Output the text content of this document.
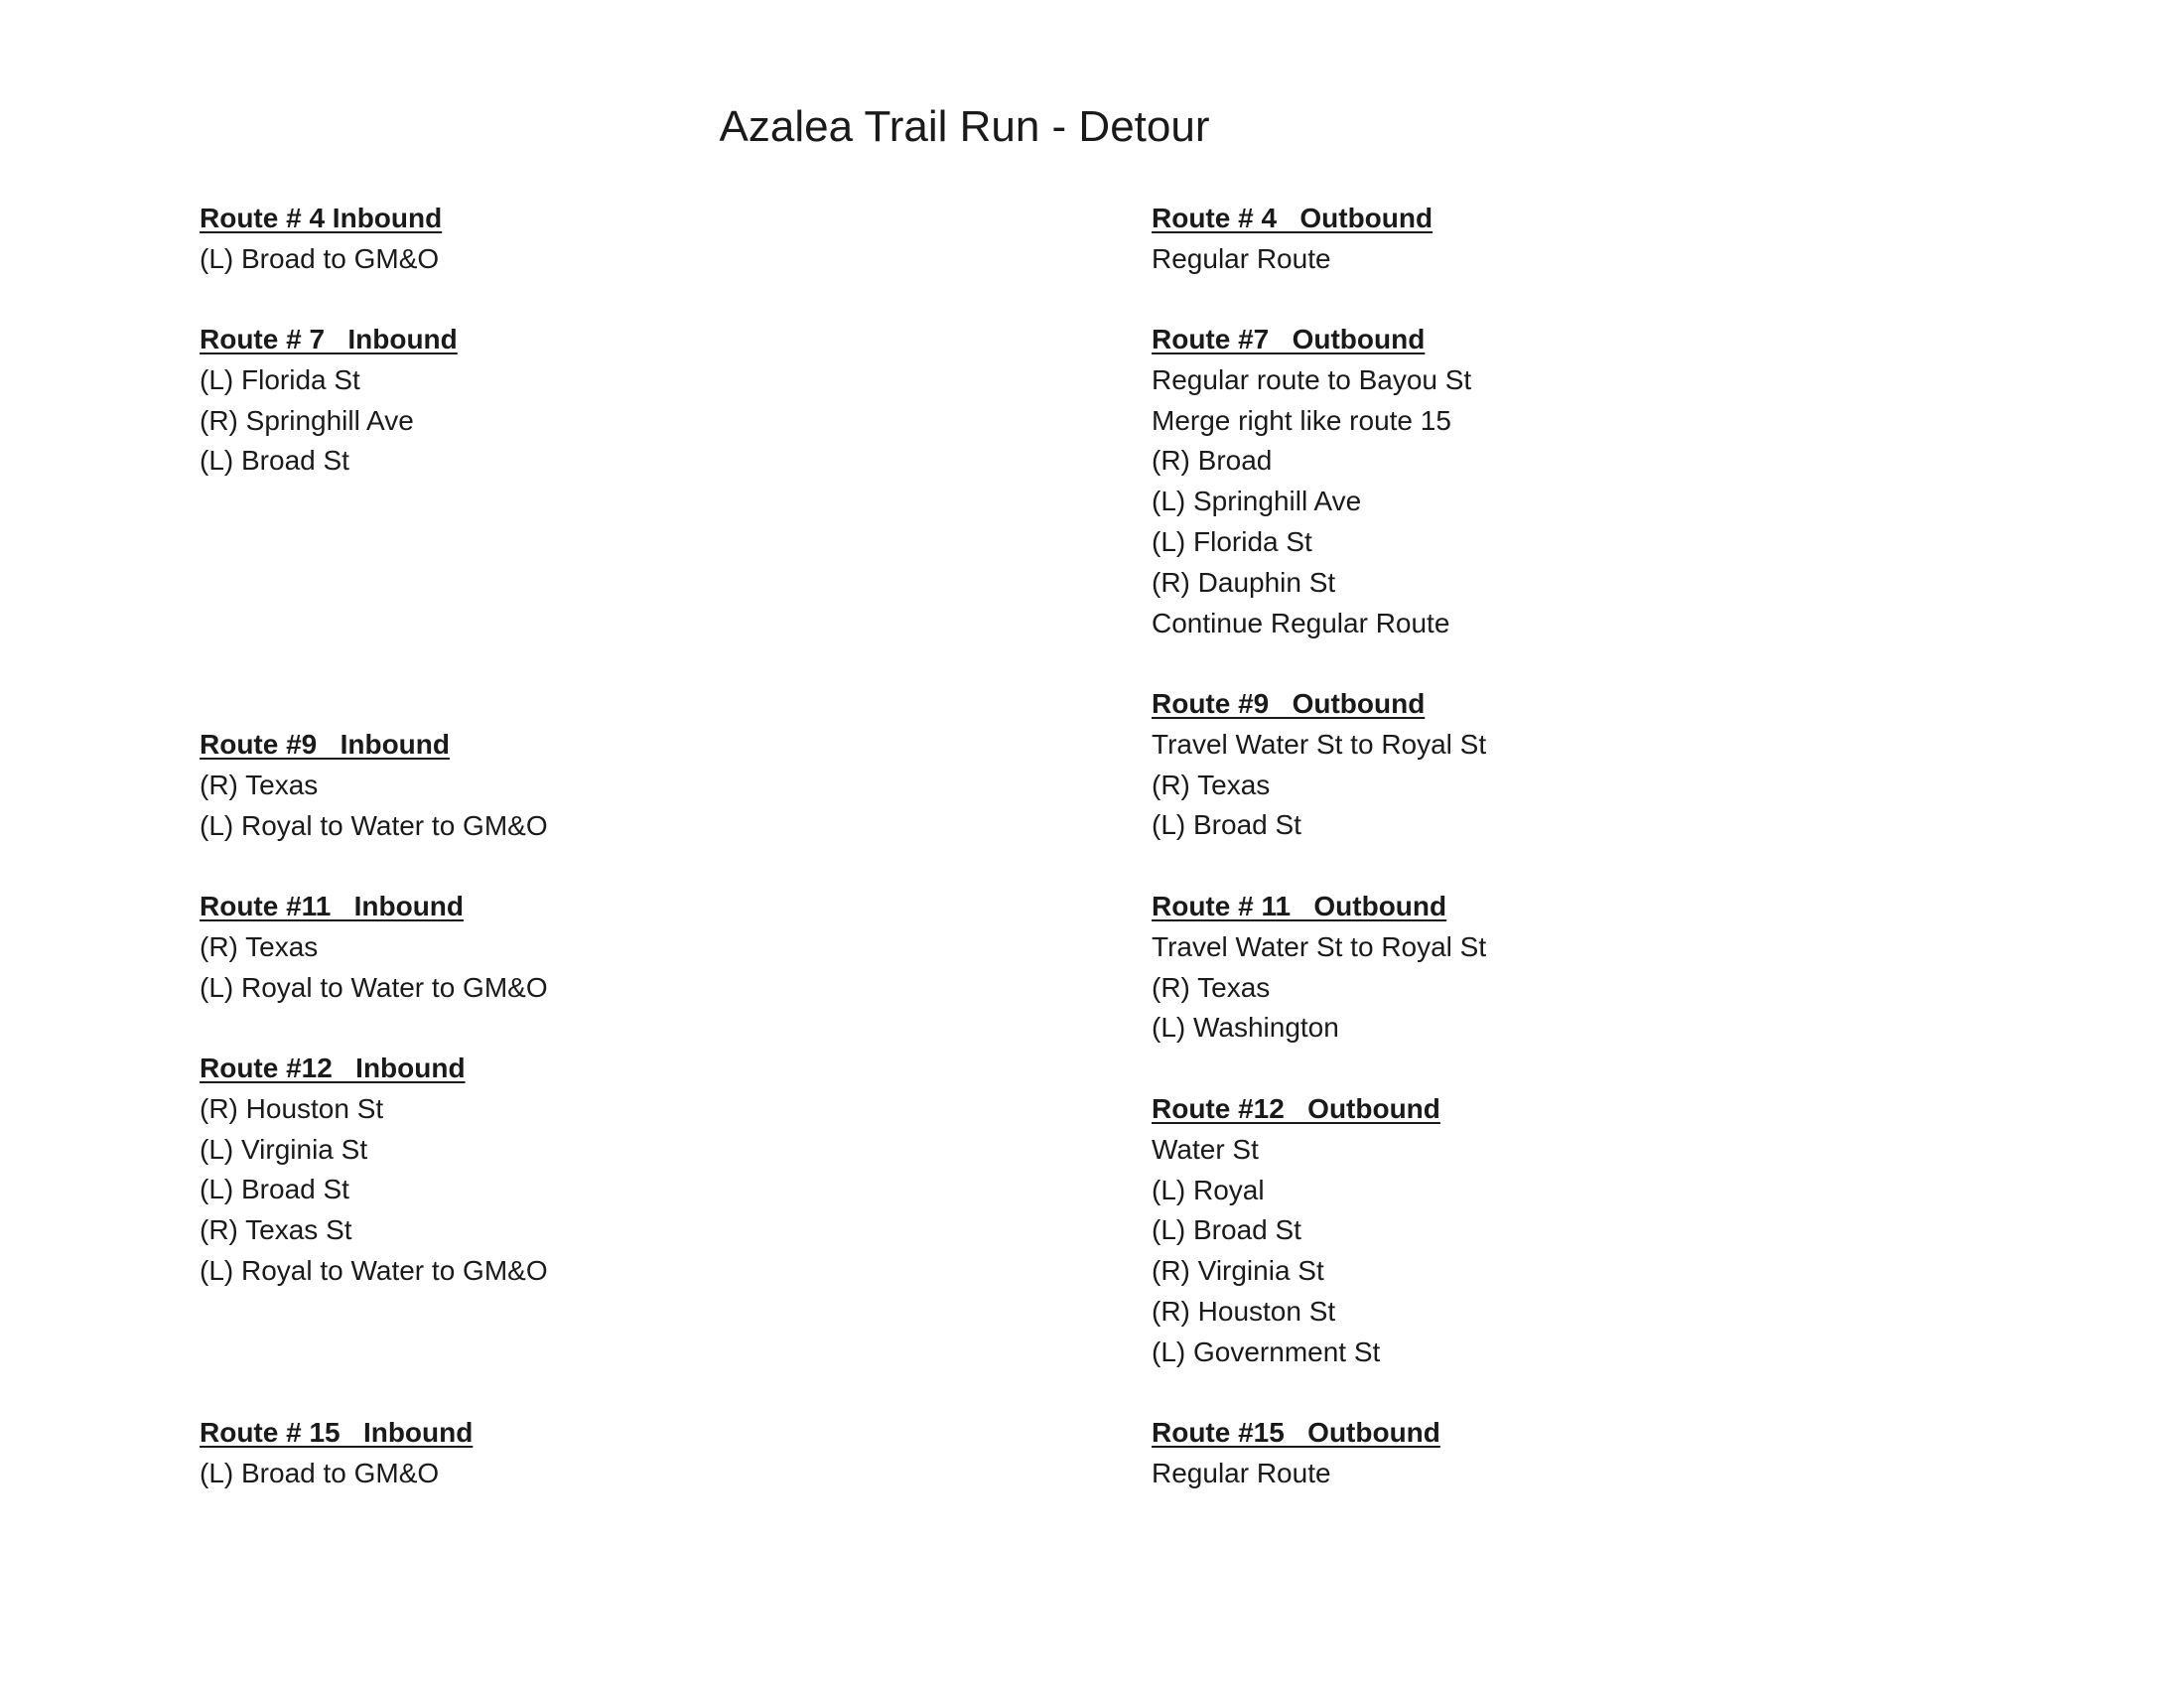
Azalea Trail Run - Detour
Route # 4 Inbound
(L) Broad to GM&O
Route # 7   Inbound
(L) Florida St
(R) Springhill Ave
(L) Broad St
Route #9   Inbound
(R) Texas
(L) Royal to Water to GM&O
Route #11   Inbound
(R) Texas
(L) Royal to Water to GM&O
Route #12   Inbound
(R) Houston St
(L) Virginia St
(L) Broad St
(R) Texas St
(L) Royal to Water to GM&O
Route # 15   Inbound
(L) Broad to GM&O
Route # 4   Outbound
Regular Route
Route #7   Outbound
Regular route to Bayou St
Merge right like route 15
(R) Broad
(L) Springhill Ave
(L) Florida St
(R) Dauphin St
Continue Regular Route
Route #9   Outbound
Travel Water St to Royal St
(R) Texas
(L) Broad St
Route # 11   Outbound
Travel Water St to Royal St
(R) Texas
(L) Washington
Route #12   Outbound
Water St
(L) Royal
(L) Broad St
(R) Virginia St
(R) Houston St
(L) Government St
Route #15   Outbound
Regular Route
